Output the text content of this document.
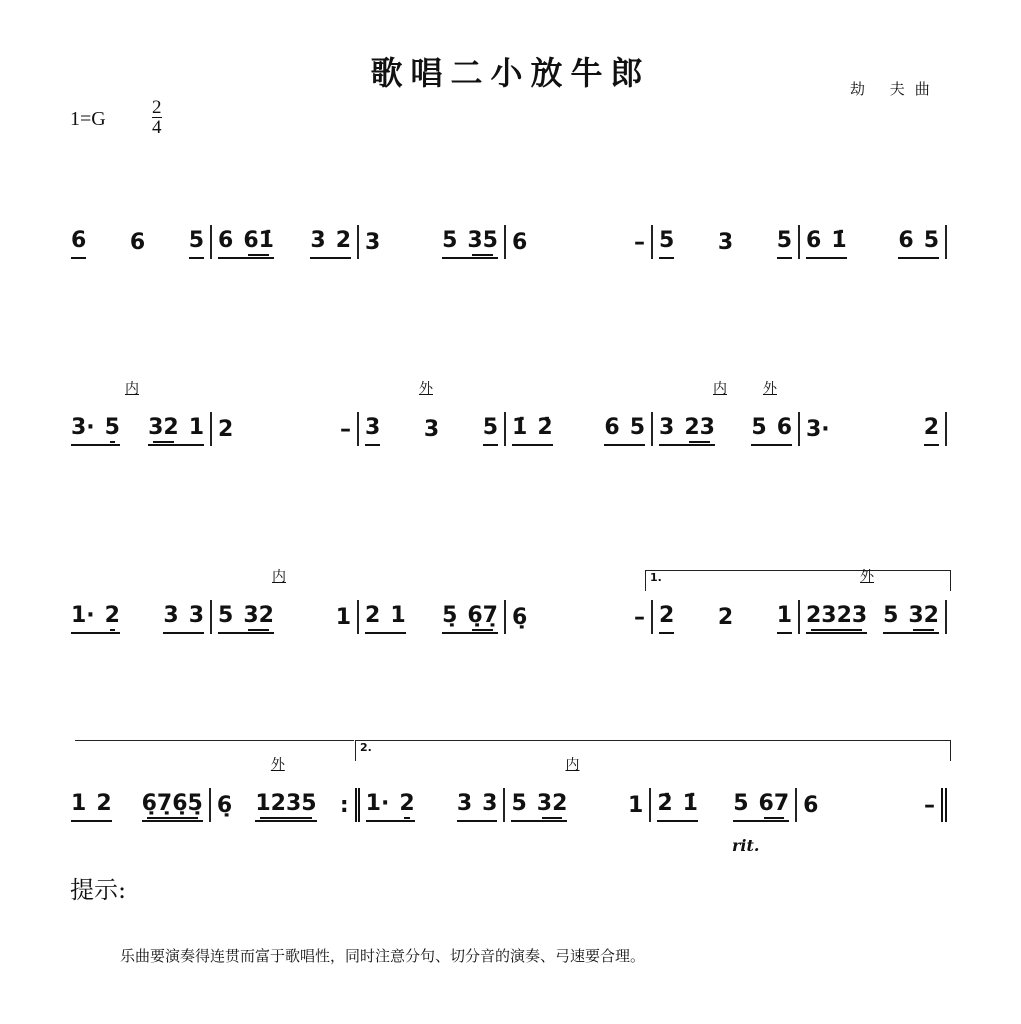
歌唱二小放牛郎	劫 夫曲
$1=G \frac{2}{4}$
1.
2.
6 6 5 6 61̇ 3 2 3	5 35 6	– 5 3 5 6 1̇ 6 5
内
3· 5 32 1 2	–
外
3 3 5 1̇ 2̇ 6 5
内	外
3 23 5 6 3·	2
1· 2 3 3
内
5 32	1 2 1 5̣ 6̣7̣ 6̣	– 2 2 1
外
2323 5 32
1 2 6̣7̣6̣5̣
外
6̣ 1235 : 1· 2 3 3
内
5 32	1 2̇ 1̇ 5 67 6	–
rit.
提示:
乐曲要演奏得连贯而富于歌唱性，同时注意分句、切分音的演奏、弓速要合理。
